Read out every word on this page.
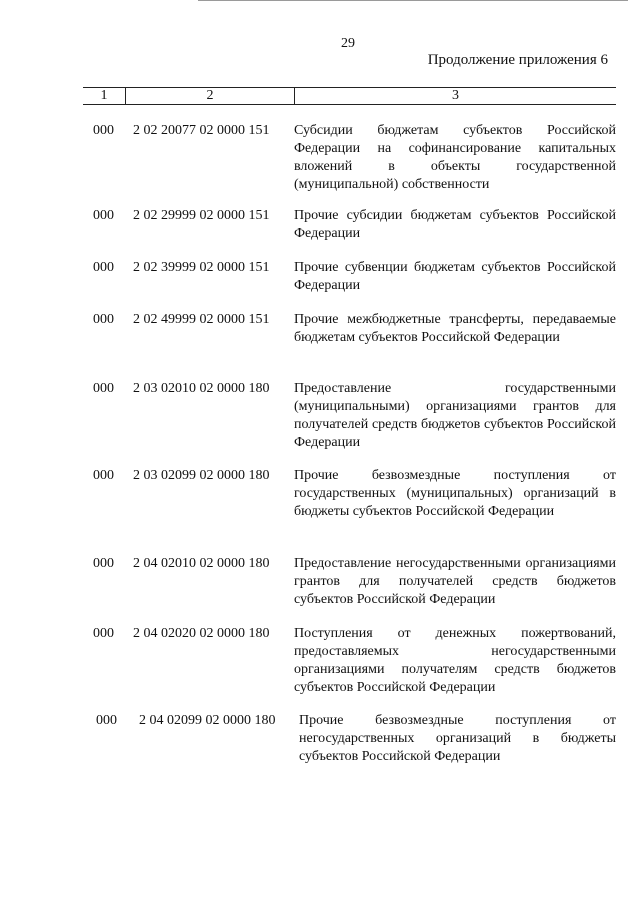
29
Продолжение приложения 6
1	2	3
000	2 02 20077 02 0000 151	Субсидии бюджетам субъектов Российской Федерации на софинансирование капитальных вложений в объекты государственной (муниципальной) собственности
000	2 02 29999 02 0000 151	Прочие субсидии бюджетам субъектов Российской Федерации
000	2 02 39999 02 0000 151	Прочие субвенции бюджетам субъектов Российской Федерации
000	2 02 49999 02 0000 151	Прочие межбюджетные трансферты, передаваемые бюджетам субъектов Российской Федерации
000	2 03 02010 02 0000 180	Предоставление государственными (муниципальными) организациями грантов для получателей средств бюджетов субъектов Российской Федерации
000	2 03 02099 02 0000 180	Прочие безвозмездные поступления от государственных (муниципальных) организаций в бюджеты субъектов Российской Федерации
000	2 04 02010 02 0000 180	Предоставление негосударственными организациями грантов для получателей средств бюджетов субъектов Российской Федерации
000	2 04 02020 02 0000 180	Поступления от денежных пожертвований, предоставляемых негосударственными организациями получателям средств бюджетов субъектов Российской Федерации
000	2 04 02099 02 0000 180	Прочие безвозмездные поступления от негосударственных организаций в бюджеты субъектов Российской Федерации
